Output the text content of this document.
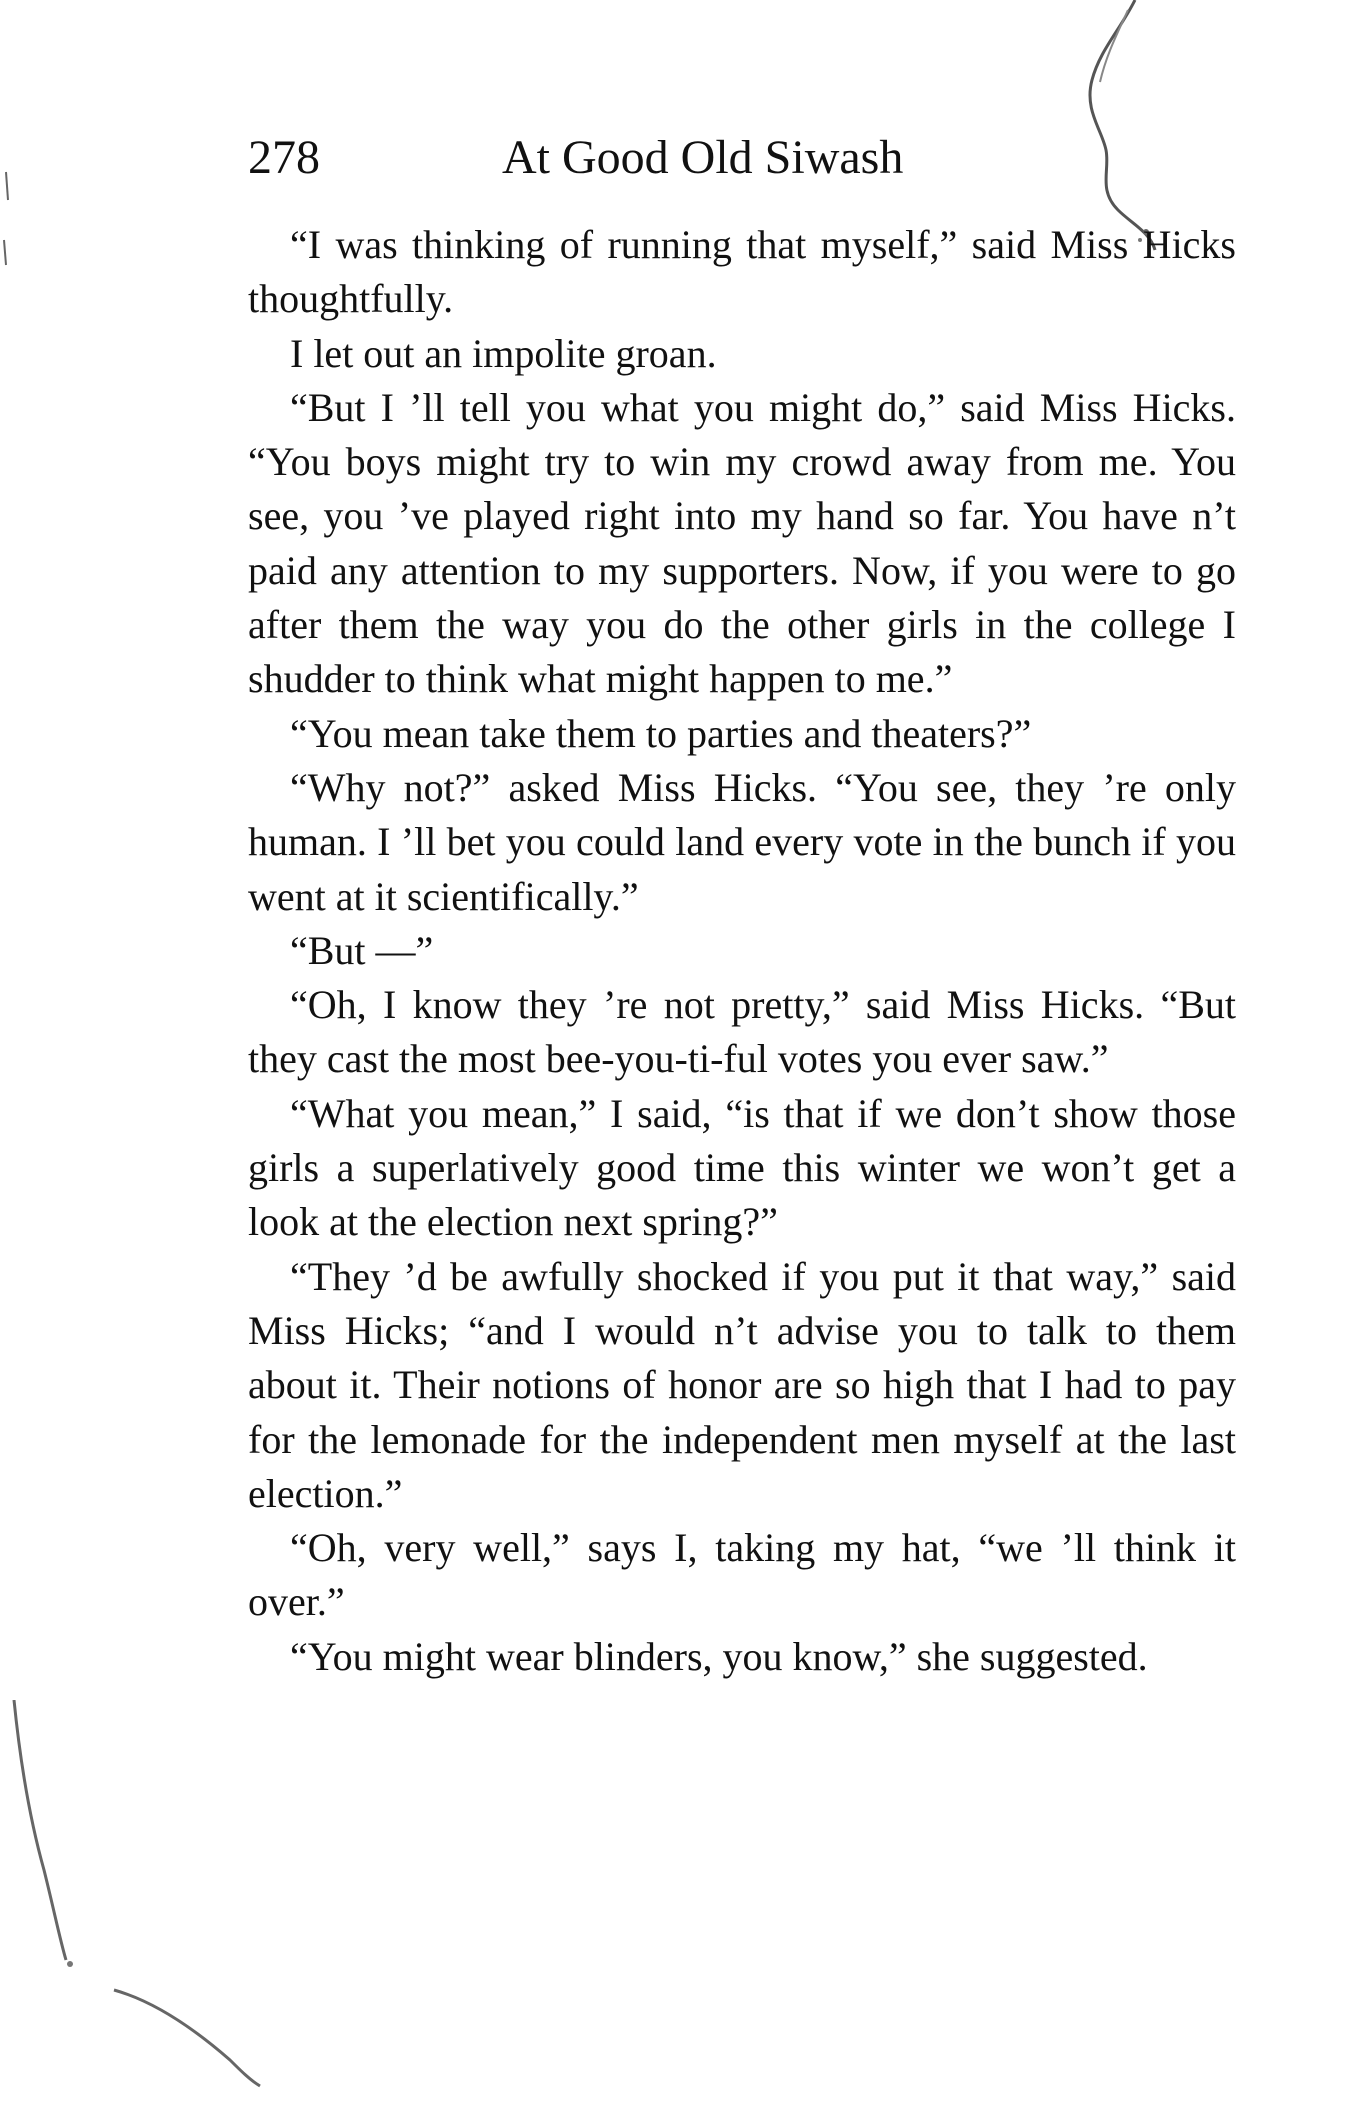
278	At Good Old Siwash

“I was thinking of running that myself,” said Miss Hicks thoughtfully.

I let out an impolite groan.

“But I ’ll tell you what you might do,” said Miss Hicks. “You boys might try to win my crowd away from me. You see, you ’ve played right into my hand so far. You have n’t paid any attention to my supporters. Now, if you were to go after them the way you do the other girls in the college I shudder to think what might happen to me.”

“You mean take them to parties and theaters?”

“Why not?” asked Miss Hicks. “You see, they ’re only human. I ’ll bet you could land every vote in the bunch if you went at it scientifically.”

“But —”

“Oh, I know they ’re not pretty,” said Miss Hicks. “But they cast the most bee-you-ti-ful votes you ever saw.”

“What you mean,” I said, “is that if we don’t show those girls a superlatively good time this winter we won’t get a look at the election next spring?”

“They ’d be awfully shocked if you put it that way,” said Miss Hicks; “and I would n’t advise you to talk to them about it. Their notions of honor are so high that I had to pay for the lemonade for the independent men myself at the last election.”

“Oh, very well,” says I, taking my hat, “we ’ll think it over.”

“You might wear blinders, you know,” she suggested.
